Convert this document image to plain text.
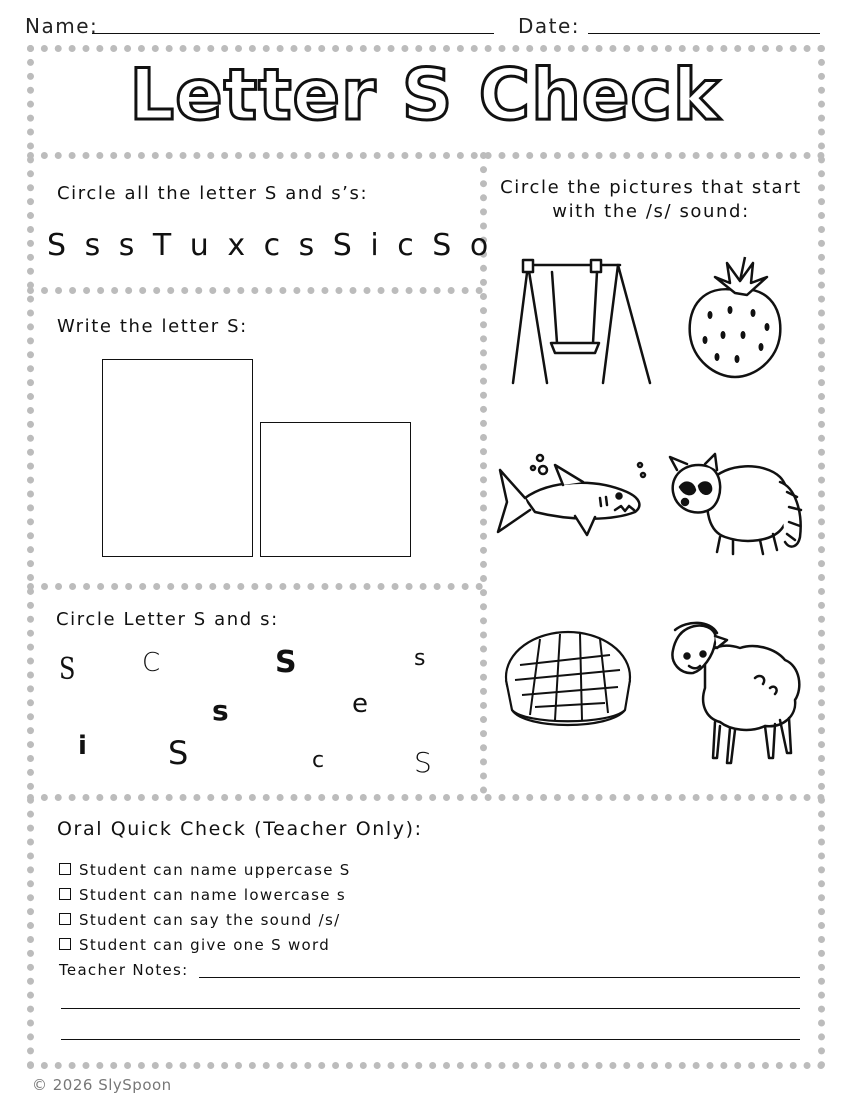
Name:	Date:
Letter S Check
Circle all the letter S and s’s:
S s s T u x c s S i c S o
Write the letter S:
Circle Letter S and s:
S	C	S	s
s	e
i	S	c	S
Circle the pictures that start with the /s/ sound:
Oral Quick Check (Teacher Only):
Student can name uppercase S
Student can name lowercase s
Student can say the sound /s/
Student can give one S word
Teacher Notes:
© 2026 SlySpoon
